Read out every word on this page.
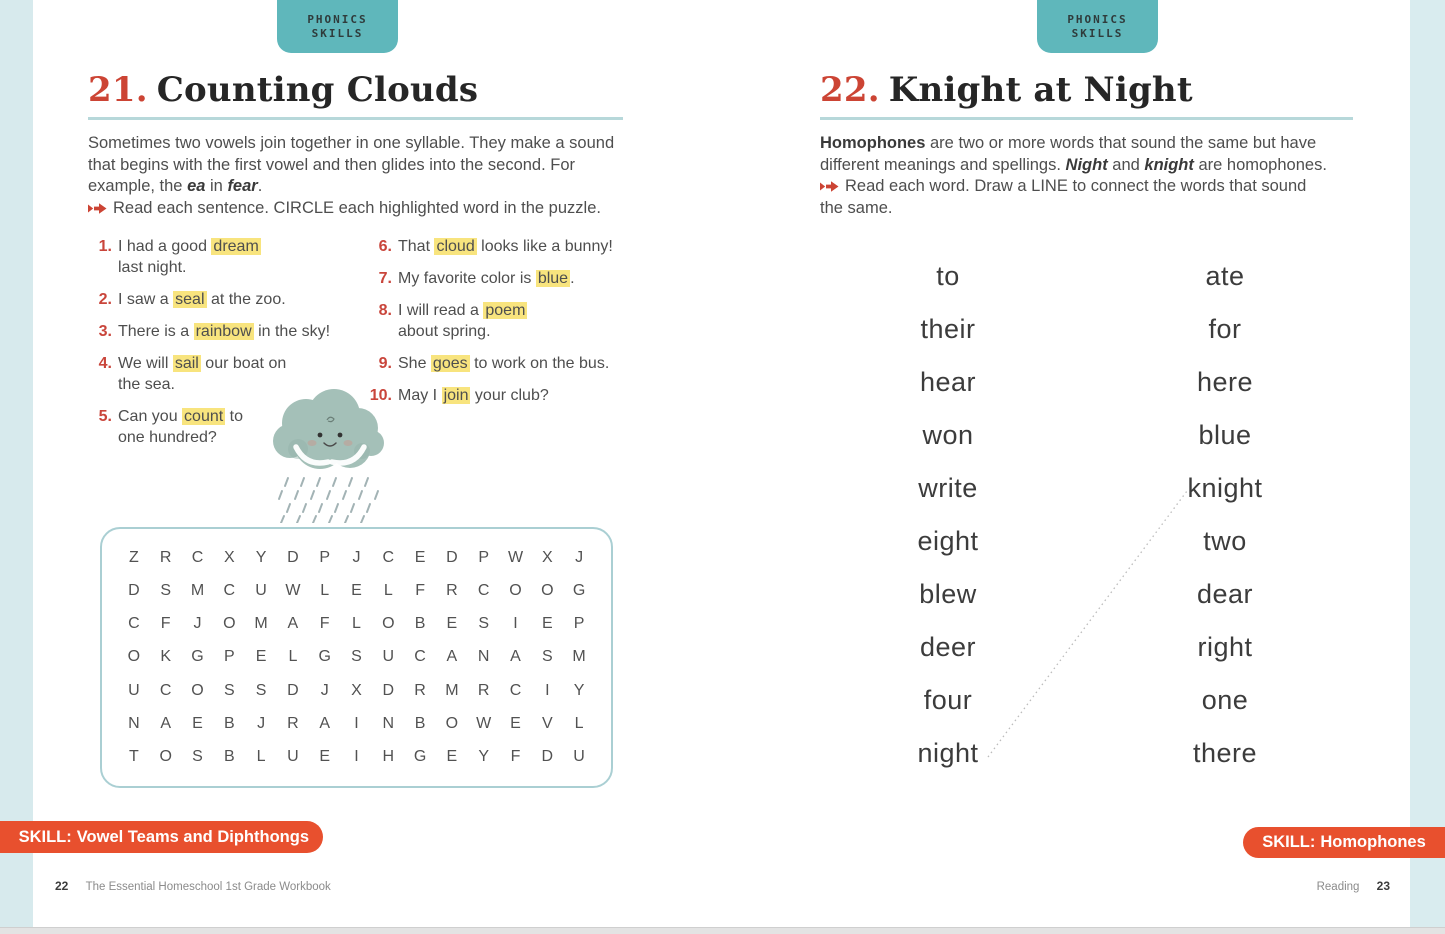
PHONICS
SKILLS
21. Counting Clouds
Sometimes two vowels join together in one syllable. They make a sound
that begins with the first vowel and then glides into the second. For
example, the ea in fear.
Read each sentence. CIRCLE each highlighted word in the puzzle.
1. I had a good dream
last night.
2. I saw a seal at the zoo.
3. There is a rainbow in the sky!
4. We will sail our boat on
the sea.
5. Can you count to
one hundred?
6. That cloud looks like a bunny!
7. My favorite color is blue .
8. I will read a poem
about spring.
9. She goes to work on the bus.
10. May I join your club?
Z R C X Y D P J C E D P W X J
D S M C U W L E L F R C O O G
C F J O M A F L O B E S I E P
O K G P E L G S U C A N A S M
U C O S S D J X D R M R C I Y
N A E B J R A I N B O W E V L
T O S B L U E I H G E Y F D U
SKILL: Vowel Teams and Diphthongs
22 The Essential Homeschool 1st Grade Workbook
PHONICS
SKILLS
22. Knight at Night
Homophones are two or more words that sound the same but have
different meanings and spellings. Night and knight are homophones.
Read each word. Draw a LINE to connect the words that sound
the same.
to
their
hear
won
write
eight
blew
deer
four
night
ate
for
here
blue
knight
two
dear
right
one
there
SKILL: Homophones
Reading 23
